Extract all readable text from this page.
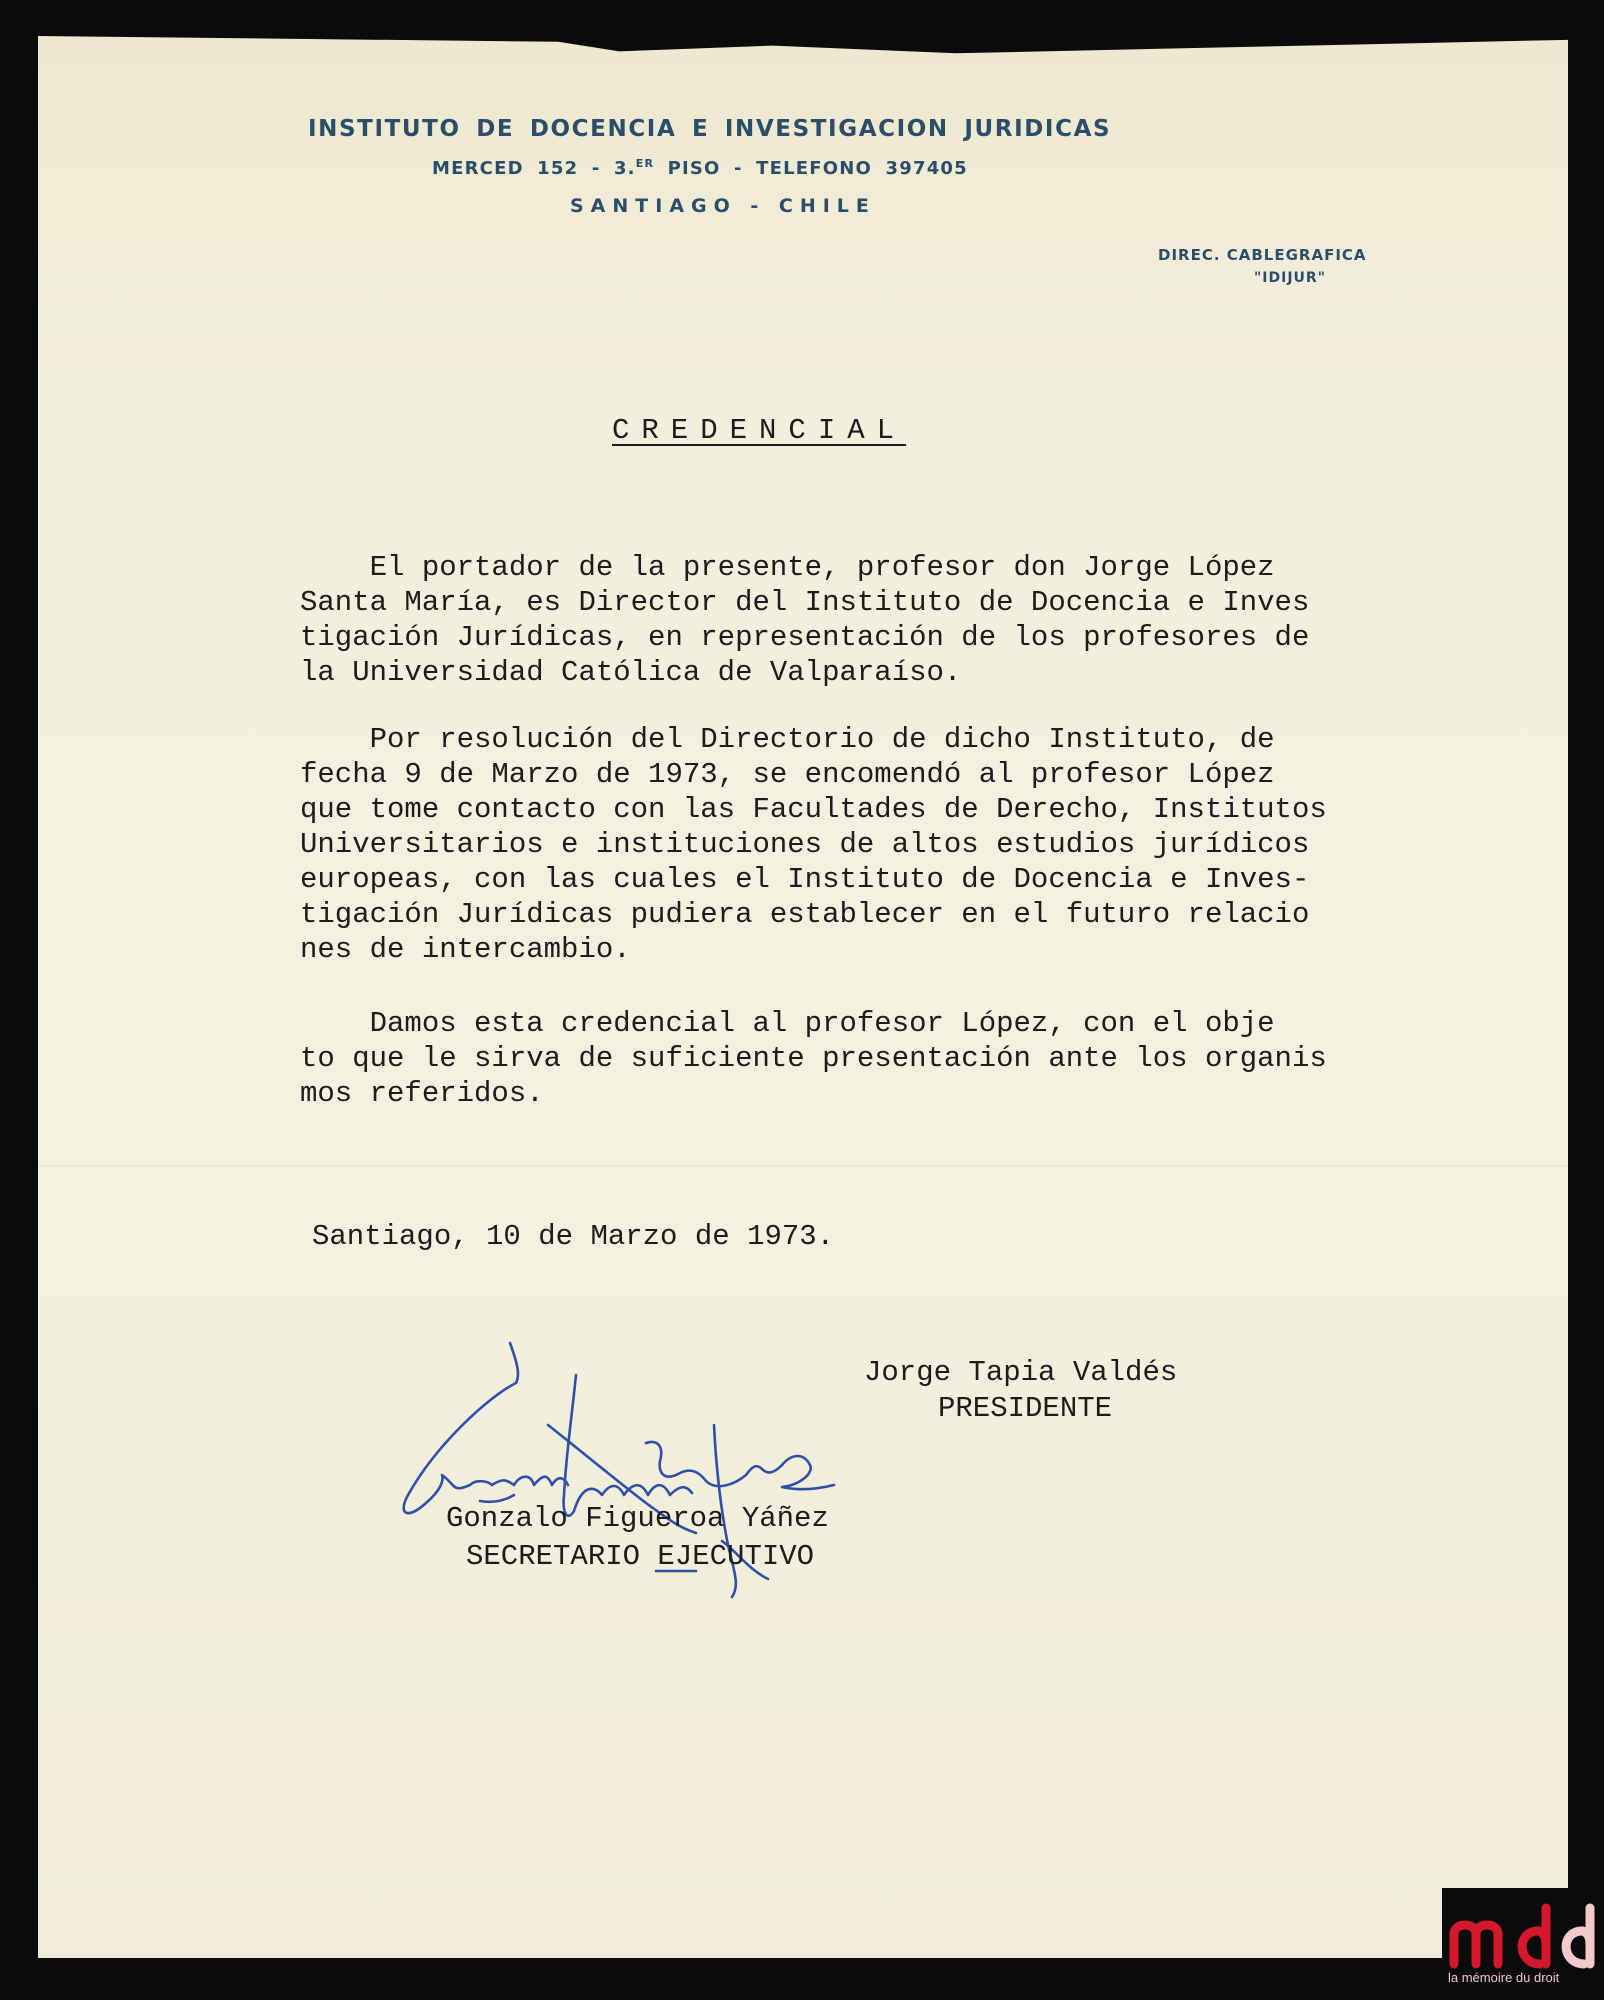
INSTITUTO DE DOCENCIA E INVESTIGACION JURIDICAS
MERCED 152 - 3.$^{ER}$ PISO - TELEFONO 397405
SANTIAGO - CHILE
DIREC. CABLEGRAFICA
"IDIJUR"
CREDENCIAL
El portador de la presente, profesor don Jorge López
Santa María, es Director del Instituto de Docencia e Inves
tigación Jurídicas, en representación de los profesores de
la Universidad Católica de Valparaíso.
Por resolución del Directorio de dicho Instituto, de
fecha 9 de Marzo de 1973, se encomendó al profesor López
que tome contacto con las Facultades de Derecho, Institutos
Universitarios e instituciones de altos estudios jurídicos
europeas, con las cuales el Instituto de Docencia e Inves-
tigación Jurídicas pudiera establecer en el futuro relacio
nes de intercambio.
Damos esta credencial al profesor López, con el obje
to que le sirva de suficiente presentación ante los organis
mos referidos.
Santiago, 10 de Marzo de 1973.
Jorge Tapia Valdés
PRESIDENTE
Gonzalo Figueroa Yáñez
SECRETARIO EJECUTIVO
la mémoire du droit
